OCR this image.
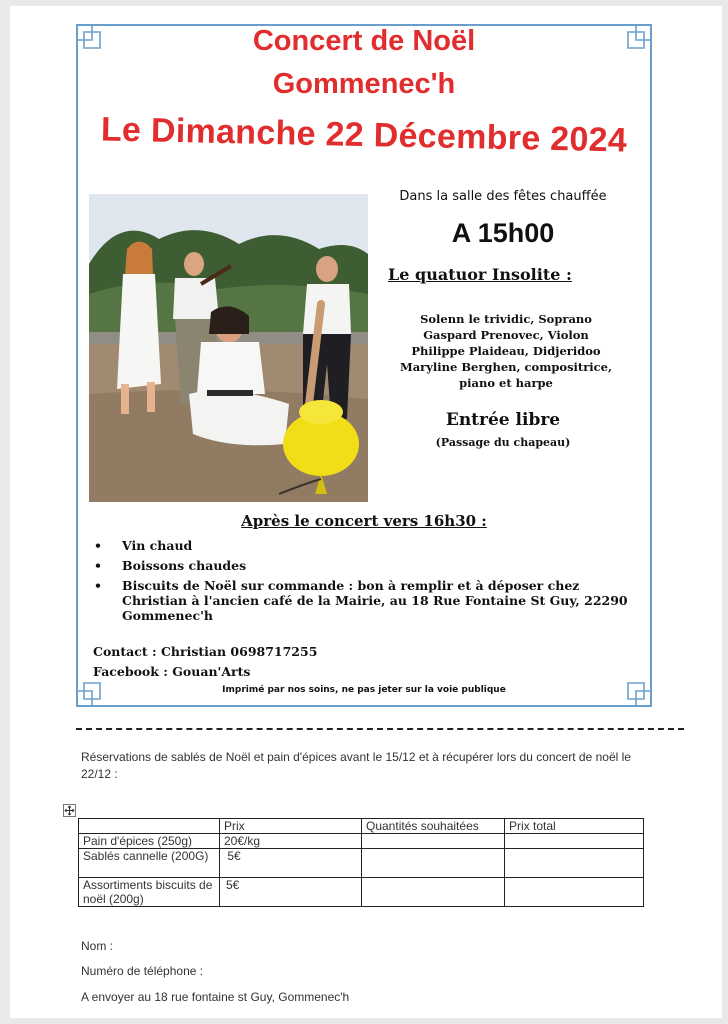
Concert de Noël
Gommenec'h
Le Dimanche 22 Décembre 2024
Dans la salle des fêtes chauffée
A 15h00
Le quatuor Insolite :
Solenn le trividic, Soprano
Gaspard Prenovec, Violon
Philippe Plaideau, Didjeridoo
Maryline Berghen, compositrice,
piano et harpe
Entrée libre
(Passage du chapeau)
Après le concert vers 16h30 :
• Vin chaud
• Boissons chaudes
• Biscuits de Noël sur commande : bon à remplir et à déposer chez Christian à l'ancien café de la Mairie, au 18 Rue Fontaine St Guy, 22290 Gommenec'h
Contact : Christian 0698717255
Facebook : Gouan'Arts
Imprimé par nos soins, ne pas jeter sur la voie publique
Réservations de sablés de Noël et pain d'épices avant le 15/12 et à récupérer lors du concert de noël le 22/12 :
	Prix	Quantités souhaitées	Prix total
Pain d'épices (250g)	20€/kg		
Sablés cannelle (200G)	5€		
Assortiments biscuits de noël (200g)	5€		
Nom :
Numéro de téléphone :
A envoyer au 18 rue fontaine st Guy, Gommenec'h
